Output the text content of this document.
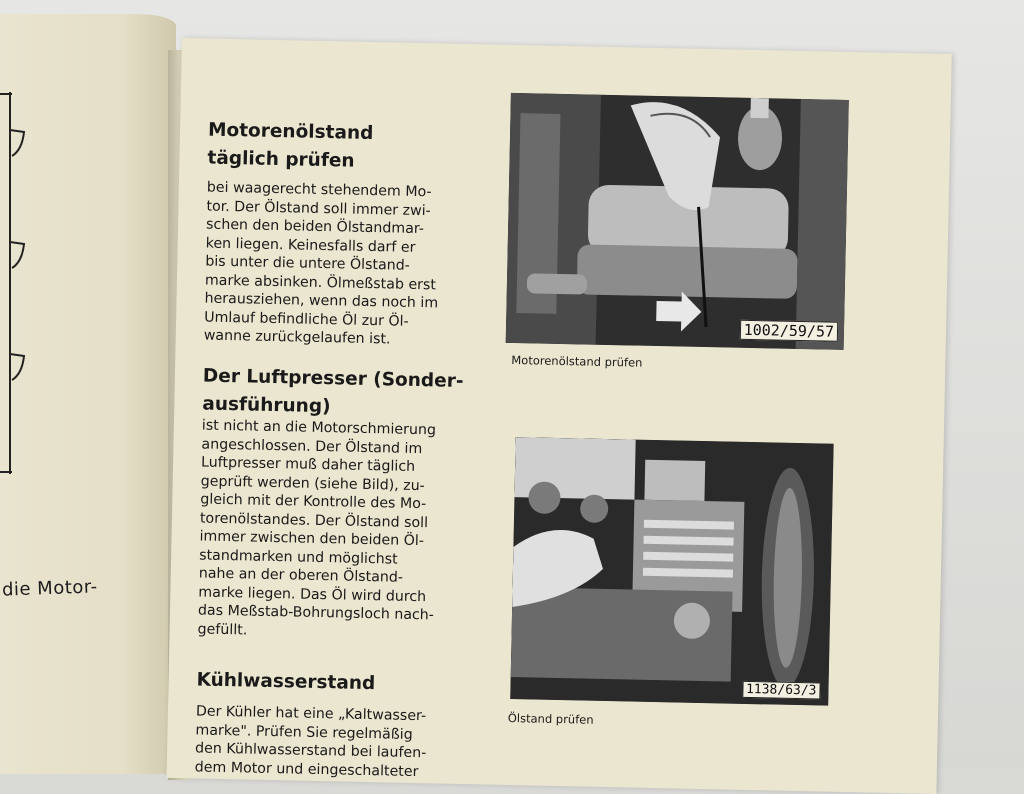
die Motor-
Motorenölstand
täglich prüfen
bei waagerecht stehendem Mo-
tor. Der Ölstand soll immer zwi-
schen den beiden Ölstandmar-
ken liegen. Keinesfalls darf er
bis unter die untere Ölstand-
marke absinken. Ölmeßstab erst
herausziehen, wenn das noch im
Umlauf befindliche Öl zur Öl-
wanne zurückgelaufen ist.
Der Luftpresser (Sonder-
ausführung)
ist nicht an die Motorschmierung
angeschlossen. Der Ölstand im
Luftpresser muß daher täglich
geprüft werden (siehe Bild), zu-
gleich mit der Kontrolle des Mo-
torenölstandes. Der Ölstand soll
immer zwischen den beiden Öl-
standmarken und möglichst
nahe an der oberen Ölstand-
marke liegen. Das Öl wird durch
das Meßstab-Bohrungsloch nach-
gefüllt.
Kühlwasserstand
Der Kühler hat eine „Kaltwasser-
marke". Prüfen Sie regelmäßig
den Kühlwasserstand bei laufen-
dem Motor und eingeschalteter
1002/59/57
Motorenölstand prüfen
1138/63/3
Ölstand prüfen
